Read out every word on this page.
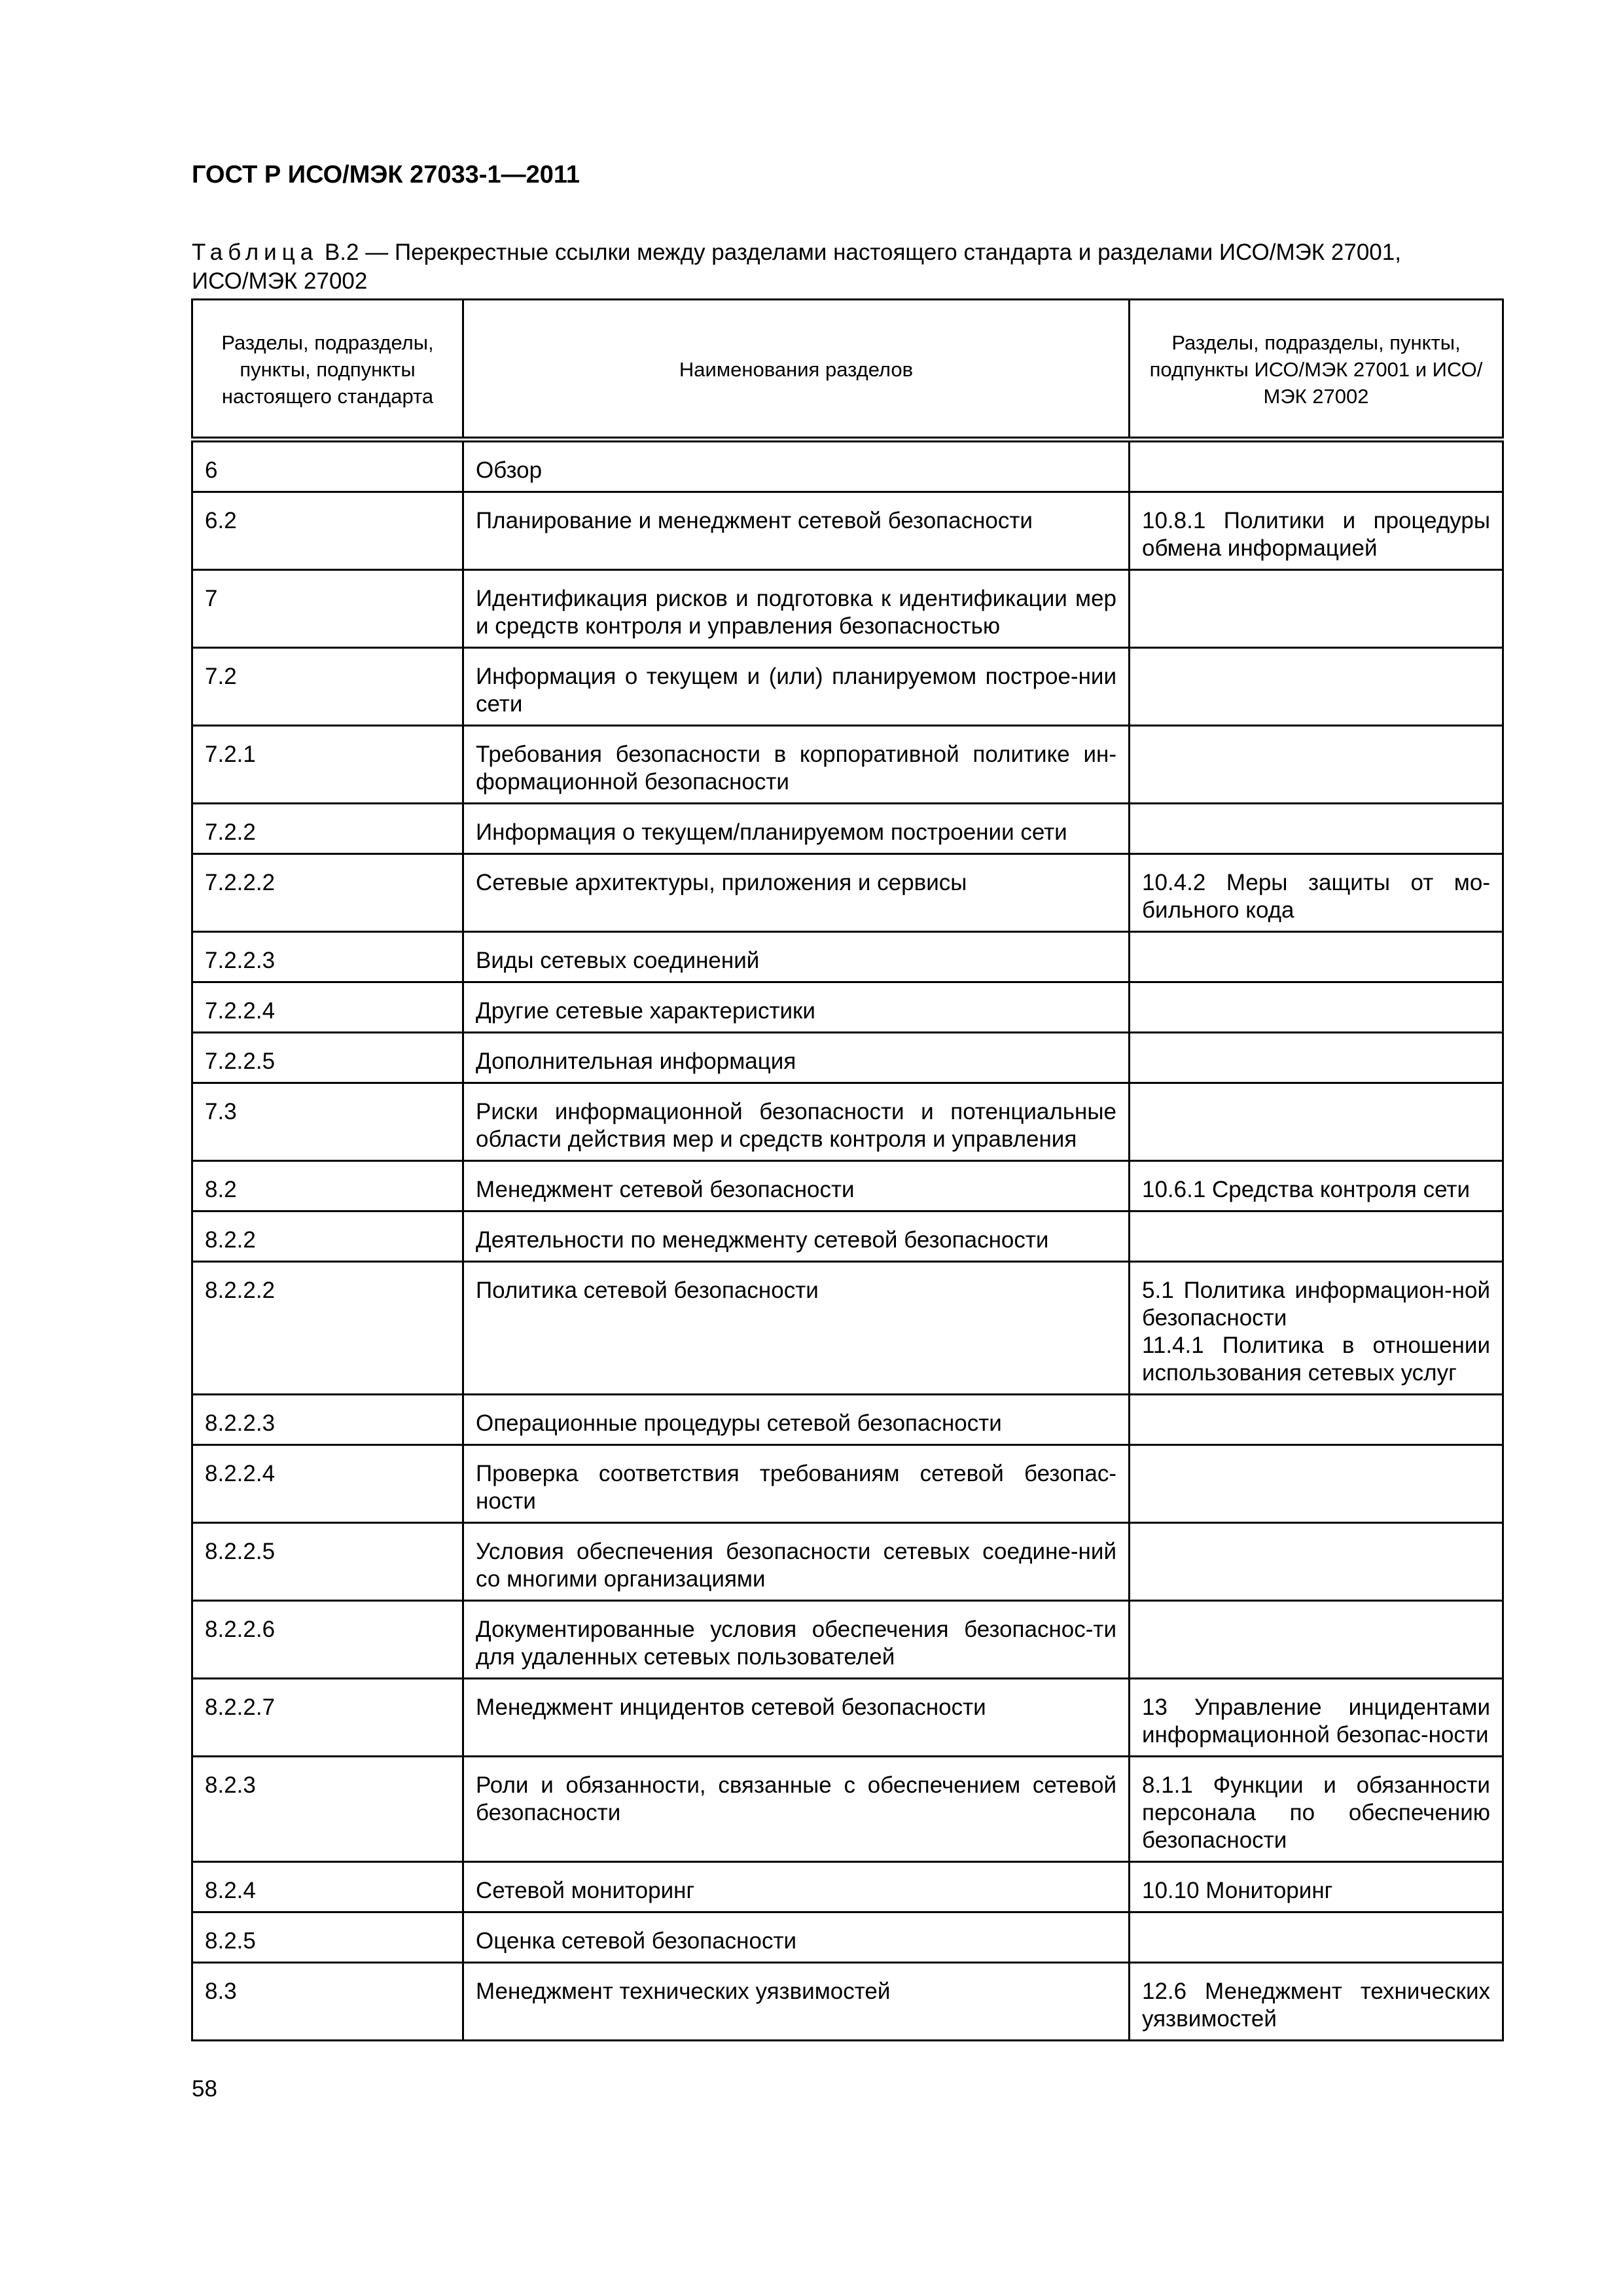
ГОСТ Р ИСО/МЭК 27033-1—2011
Таблица В.2 — Перекрестные ссылки между разделами настоящего стандарта и разделами ИСО/МЭК 27001, ИСО/МЭК 27002
Разделы, подразделы, пункты, подпункты настоящего стандарта	Наименования разделов	Разделы, подразделы, пункты, подпункты ИСО/МЭК 27001 и ИСО/МЭК 27002
6	Обзор	

6.2	Планирование и менеджмент сетевой безопасности	10.8.1 Политики и процедуры обмена информацией

7	Идентификация рисков и подготовка к идентификации мер и средств контроля и управления безопасностью	

7.2	Информация о текущем и (или) планируемом построе-нии сети	

7.2.1	Требования безопасности в корпоративной политике ин-формационной безопасности	

7.2.2	Информация о текущем/планируемом построении сети	

7.2.2.2	Сетевые архитектуры, приложения и сервисы	10.4.2 Меры защиты от мо-бильного кода

7.2.2.3	Виды сетевых соединений	

7.2.2.4	Другие сетевые характеристики	

7.2.2.5	Дополнительная информация	

7.3	Риски информационной безопасности и потенциальные области действия мер и средств контроля и управления	

8.2	Менеджмент сетевой безопасности	10.6.1 Средства контроля сети

8.2.2	Деятельности по менеджменту сетевой безопасности	

8.2.2.2	Политика сетевой безопасности	5.1 Политика информацион-ной безопасности
11.4.1 Политика в отношении использования сетевых услуг

8.2.2.3	Операционные процедуры сетевой безопасности	

8.2.2.4	Проверка соответствия требованиям сетевой безопас-ности	

8.2.2.5	Условия обеспечения безопасности сетевых соедине-ний со многими организациями	

8.2.2.6	Документированные условия обеспечения безопаснос-ти для удаленных сетевых пользователей	

8.2.2.7	Менеджмент инцидентов сетевой безопасности	13 Управление инцидентами информационной безопас-ности

8.2.3	Роли и обязанности, связанные с обеспечением сетевой безопасности	8.1.1 Функции и обязанности персонала по обеспечению безопасности

8.2.4	Сетевой мониторинг	10.10 Мониторинг

8.2.5	Оценка сетевой безопасности	

8.3	Менеджмент технических уязвимостей	12.6 Менеджмент технических уязвимостей
58
